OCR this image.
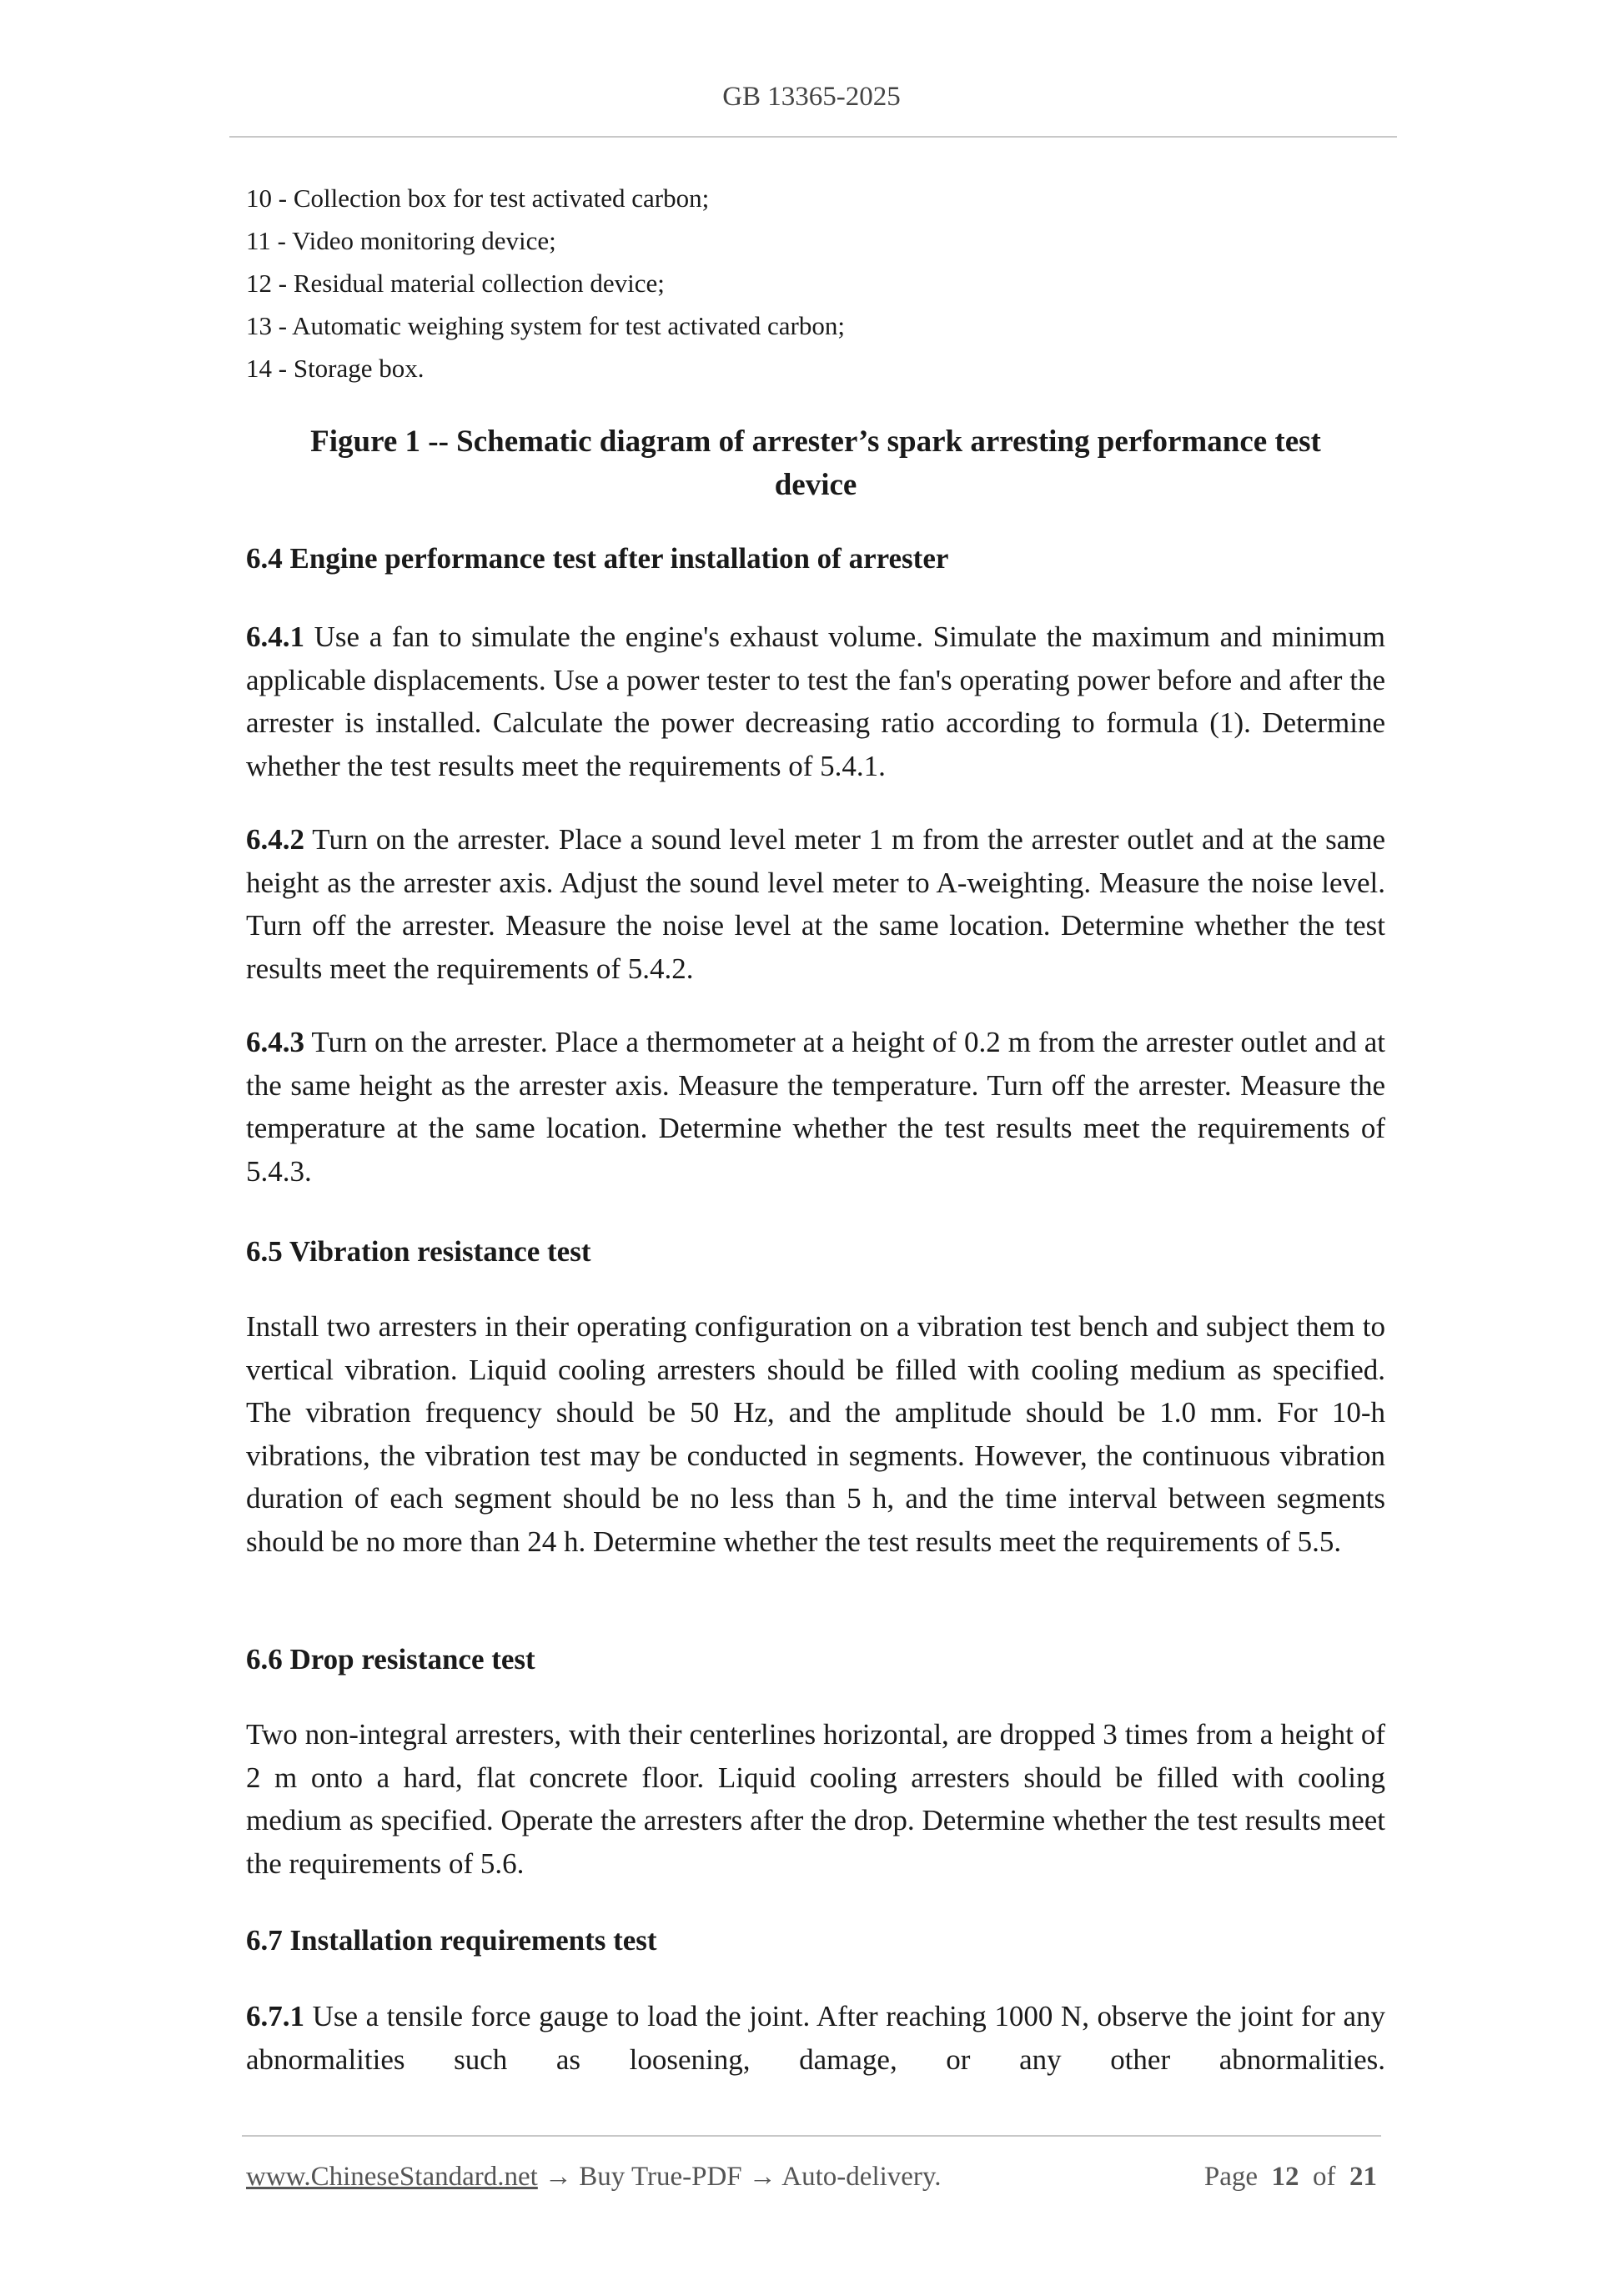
GB 13365-2025
10 - Collection box for test activated carbon;
11 - Video monitoring device;
12 - Residual material collection device;
13 - Automatic weighing system for test activated carbon;
14 - Storage box.
Figure 1 -- Schematic diagram of arrester’s spark arresting performance test
device
6.4 Engine performance test after installation of arrester
6.4.1 Use a fan to simulate the engine's exhaust volume. Simulate the maximum and minimum applicable displacements. Use a power tester to test the fan's operating power before and after the arrester is installed. Calculate the power decreasing ratio according to formula (1). Determine whether the test results meet the requirements of 5.4.1.
6.4.2 Turn on the arrester. Place a sound level meter 1 m from the arrester outlet and at the same height as the arrester axis. Adjust the sound level meter to A-weighting. Measure the noise level. Turn off the arrester. Measure the noise level at the same location. Determine whether the test results meet the requirements of 5.4.2.
6.4.3 Turn on the arrester. Place a thermometer at a height of 0.2 m from the arrester outlet and at the same height as the arrester axis. Measure the temperature. Turn off the arrester. Measure the temperature at the same location. Determine whether the test results meet the requirements of 5.4.3.
6.5 Vibration resistance test
Install two arresters in their operating configuration on a vibration test bench and subject them to vertical vibration. Liquid cooling arresters should be filled with cooling medium as specified. The vibration frequency should be 50 Hz, and the amplitude should be 1.0 mm. For 10-h vibrations, the vibration test may be conducted in segments. However, the continuous vibration duration of each segment should be no less than 5 h, and the time interval between segments should be no more than 24 h. Determine whether the test results meet the requirements of 5.5.
6.6 Drop resistance test
Two non-integral arresters, with their centerlines horizontal, are dropped 3 times from a height of 2 m onto a hard, flat concrete floor. Liquid cooling arresters should be filled with cooling medium as specified. Operate the arresters after the drop. Determine whether the test results meet the requirements of 5.6.
6.7 Installation requirements test
6.7.1 Use a tensile force gauge to load the joint. After reaching 1000 N, observe the joint for any abnormalities such as loosening, damage, or any other abnormalities.
www.ChineseStandard.net → Buy True-PDF → Auto-delivery.	Page 12 of 21
